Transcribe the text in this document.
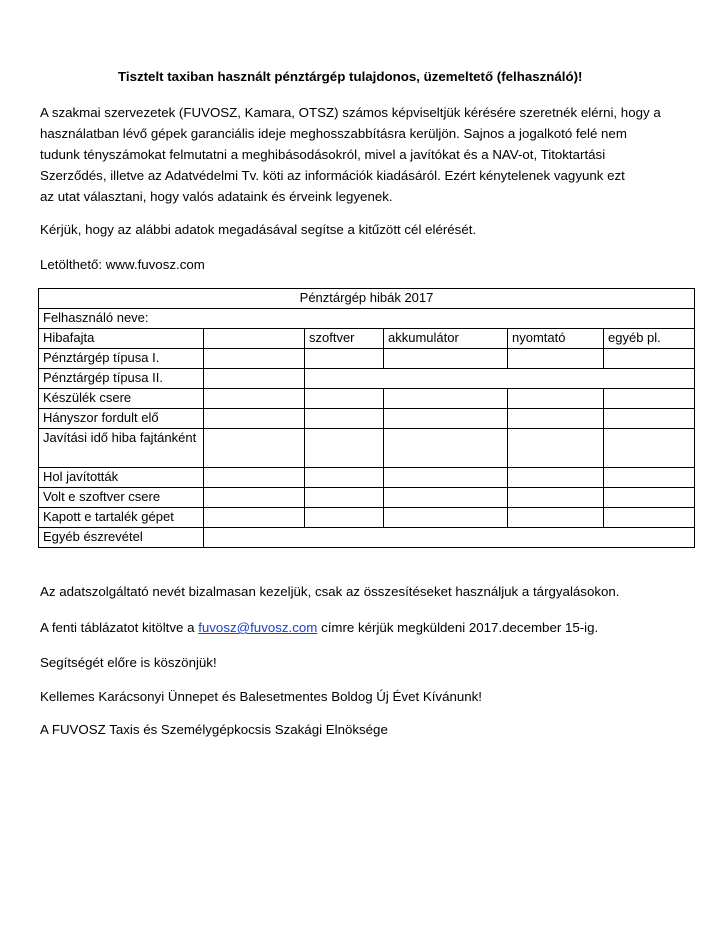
Tisztelt taxiban használt pénztárgép tulajdonos, üzemeltető (felhasználó)!
A szakmai szervezetek (FUVOSZ, Kamara, OTSZ) számos képviseltjük kérésére szeretnék elérni, hogy a
használatban lévő gépek garanciális ideje meghosszabbításra kerüljön. Sajnos a jogalkotó felé nem
tudunk tényszámokat felmutatni a meghibásodásokról, mivel a javítókat és a NAV-ot, Titoktartási
Szerződés, illetve az Adatvédelmi Tv. köti az információk kiadásáról. Ezért kénytelenek vagyunk ezt
az utat választani, hogy valós adataink és érveink legyenek.
Kérjük, hogy az alábbi adatok megadásával segítse a kitűzött cél elérését.
Letölthető: www.fuvosz.com
Pénztárgép hibák 2017					
Felhasználó neve:					
Hibafajta		szoftver	akkumulátor	nyomtató	egyéb pl.
Pénztárgép típusa I.					
Pénztárgép típusa II.					
Készülék csere					
Hányszor fordult elő					
Javítási idő hiba fajtánként					
Hol javították					
Volt e szoftver csere					
Kapott e tartalék gépet					
Egyéb észrevétel					
Az adatszolgáltató nevét bizalmasan kezeljük, csak az összesítéseket használjuk a tárgyalásokon.
A fenti táblázatot kitöltve a fuvosz@fuvosz.com címre kérjük megküldeni 2017.december 15-ig.
Segítségét előre is köszönjük!
Kellemes Karácsonyi Ünnepet és Balesetmentes Boldog Új Évet Kívánunk!
A FUVOSZ Taxis és Személygépkocsis Szakági Elnöksége
